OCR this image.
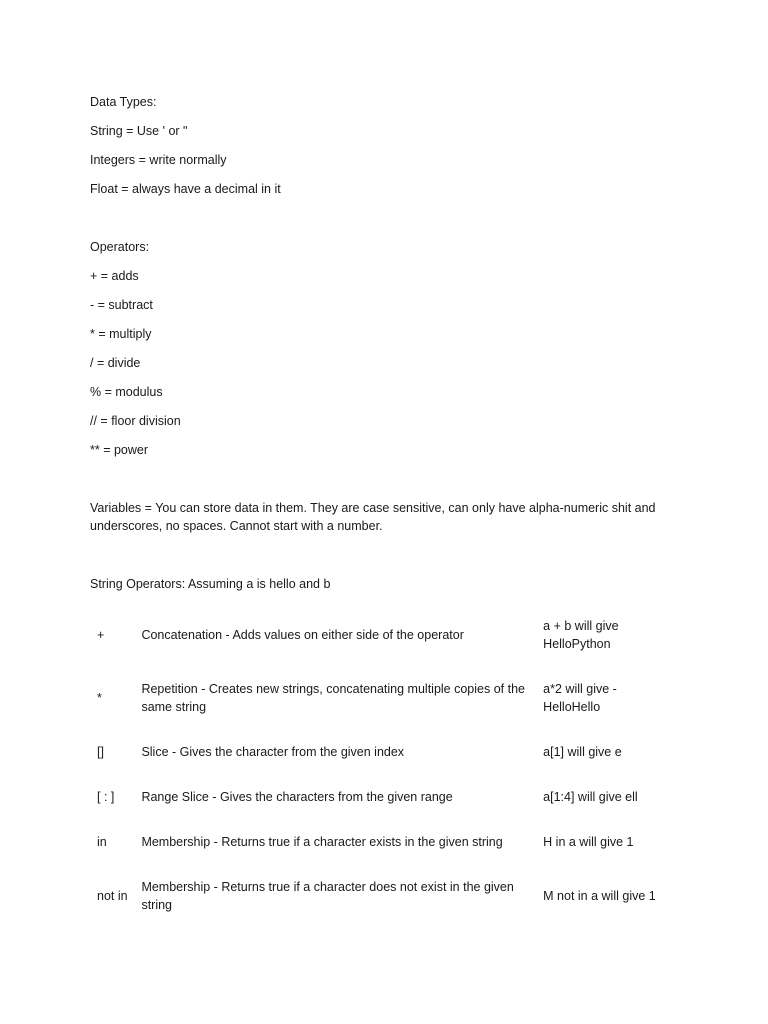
Data Types:

String = Use ' or "

Integers = write normally

Float = always have a decimal in it

Operators:

+ = adds

- = subtract

* = multiply

/ = divide

% = modulus

// = floor division

** = power

Variables = You can store data in them. They are case sensitive, can only have alpha-numeric shit and underscores, no spaces. Cannot start with a number.

String Operators: Assuming a is hello and b

+	Concatenation - Adds values on either side of the operator	a + b will give HelloPython
*	Repetition - Creates new strings, concatenating multiple copies of the same string	a*2 will give -HelloHello
[]	Slice - Gives the character from the given index	a[1] will give e
[ : ]	Range Slice - Gives the characters from the given range	a[1:4] will give ell
in	Membership - Returns true if a character exists in the given string	H in a will give 1
not in	Membership - Returns true if a character does not exist in the given string	M not in a will give 1
